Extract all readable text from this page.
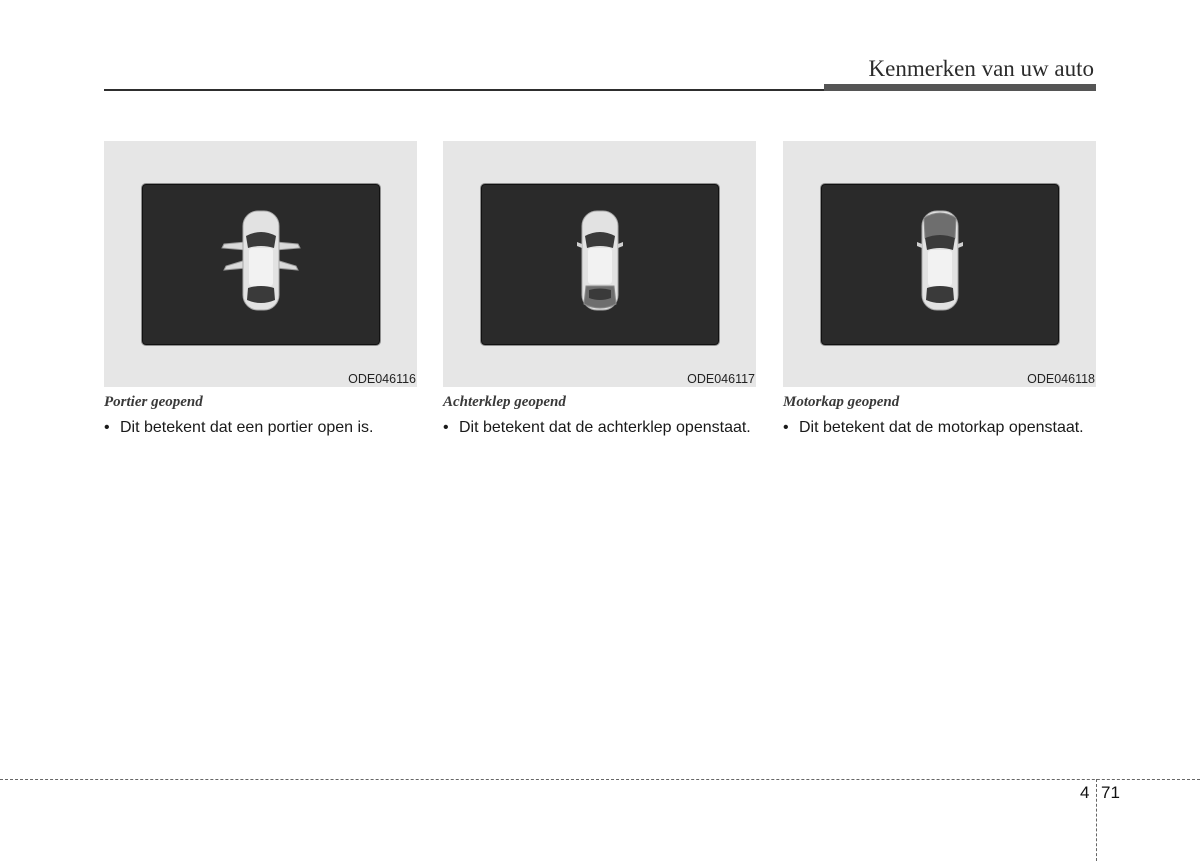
Kenmerken van uw auto
ODE046116
Portier geopend
• Dit betekent dat een portier open is.
ODE046117
Achterklep geopend
• Dit betekent dat de achterklep openstaat.
ODE046118
Motorkap geopend
• Dit betekent dat de motorkap openstaat.
4 71
